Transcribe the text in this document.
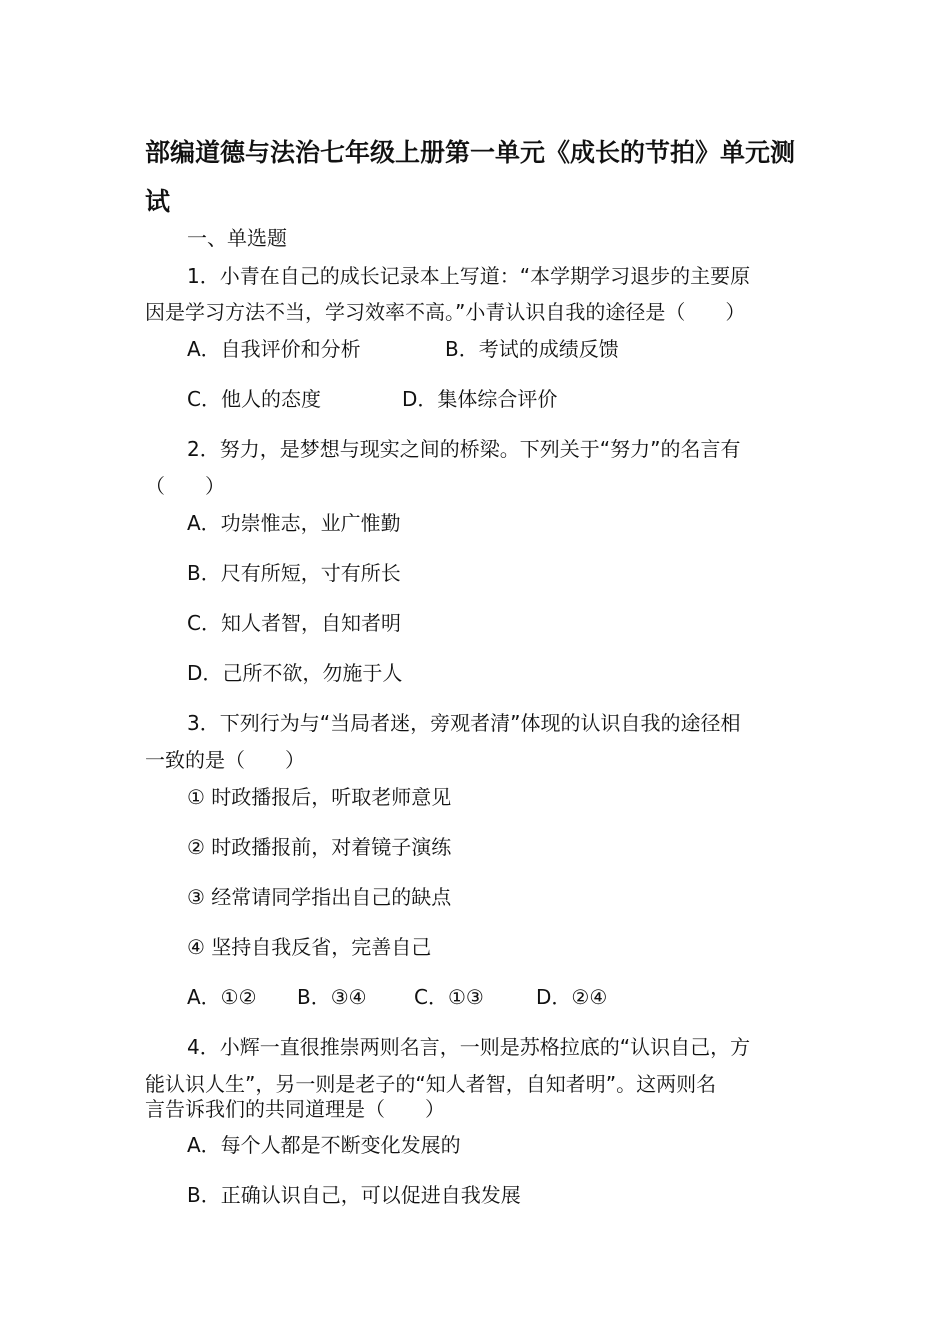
部编道德与法治七年级上册第一单元《成长的节拍》单元测
试
一、单选题
1．小青在自己的成长记录本上写道：“本学期学习退步的主要原
因是学习方法不当，学习效率不高。”小青认识自我的途径是（　　）
A．自我评价和分析	B．考试的成绩反馈
C．他人的态度	D．集体综合评价
2．努力，是梦想与现实之间的桥梁。下列关于“努力”的名言有
（　　）
A．功崇惟志，业广惟勤
B．尺有所短，寸有所长
C．知人者智，自知者明
D．己所不欲，勿施于人
3．下列行为与“当局者迷，旁观者清”体现的认识自我的途径相
一致的是（　　）
① 时政播报后，听取老师意见
② 时政播报前，对着镜子演练
③ 经常请同学指出自己的缺点
④ 坚持自我反省，完善自己
A．①② B．③④ C．①③	D．②④
4．小辉一直很推崇两则名言，一则是苏格拉底的“认识自己，方
能认识人生”，另一则是老子的“知人者智，自知者明”。这两则名
言告诉我们的共同道理是（　　）
A．每个人都是不断变化发展的
B．正确认识自己，可以促进自我发展
